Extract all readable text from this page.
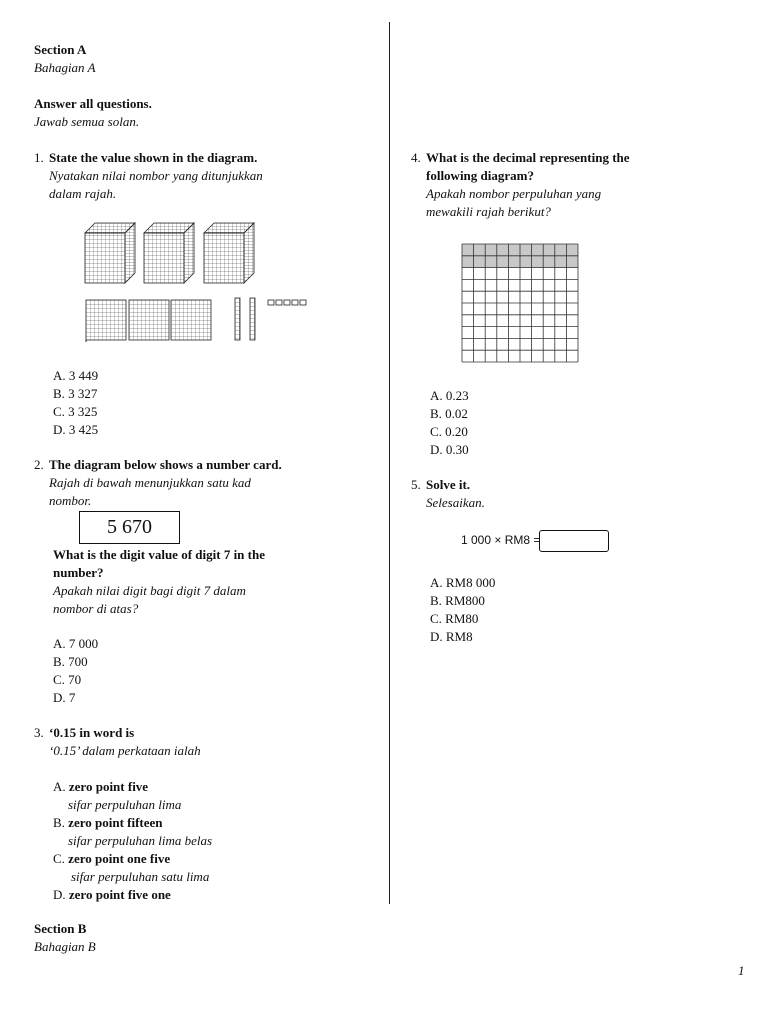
Section A
Bahagian A
Answer all questions.
Jawab semua solan.
1. State the value shown in the diagram.
Nyatakan nilai nombor yang ditunjukkan
dalam rajah.
A. 3 449
B. 3 327
C. 3 325
D. 3 425
2. The diagram below shows a number card.
Rajah di bawah menunjukkan satu kad
nombor.
5 670
What is the digit value of digit 7 in the
number?
Apakah nilai digit bagi digit 7 dalam
nombor di atas?
A. 7 000
B. 700
C. 70
D. 7
3. ‘0.15 in word is
‘0.15’ dalam perkataan ialah
A. zero point five
sifar perpuluhan lima
B. zero point fifteen
sifar perpuluhan lima belas
C. zero point one five
sifar perpuluhan satu lima
D. zero point five one
Section B
Bahagian B
4. What is the decimal representing the
following diagram?
Apakah nombor perpuluhan yang
mewakili rajah berikut?
A. 0.23
B. 0.02
C. 0.20
D. 0.30
5. Solve it.
Selesaikan.
1 000 × RM8 =
A. RM8 000
B. RM800
C. RM80
D. RM8
1
